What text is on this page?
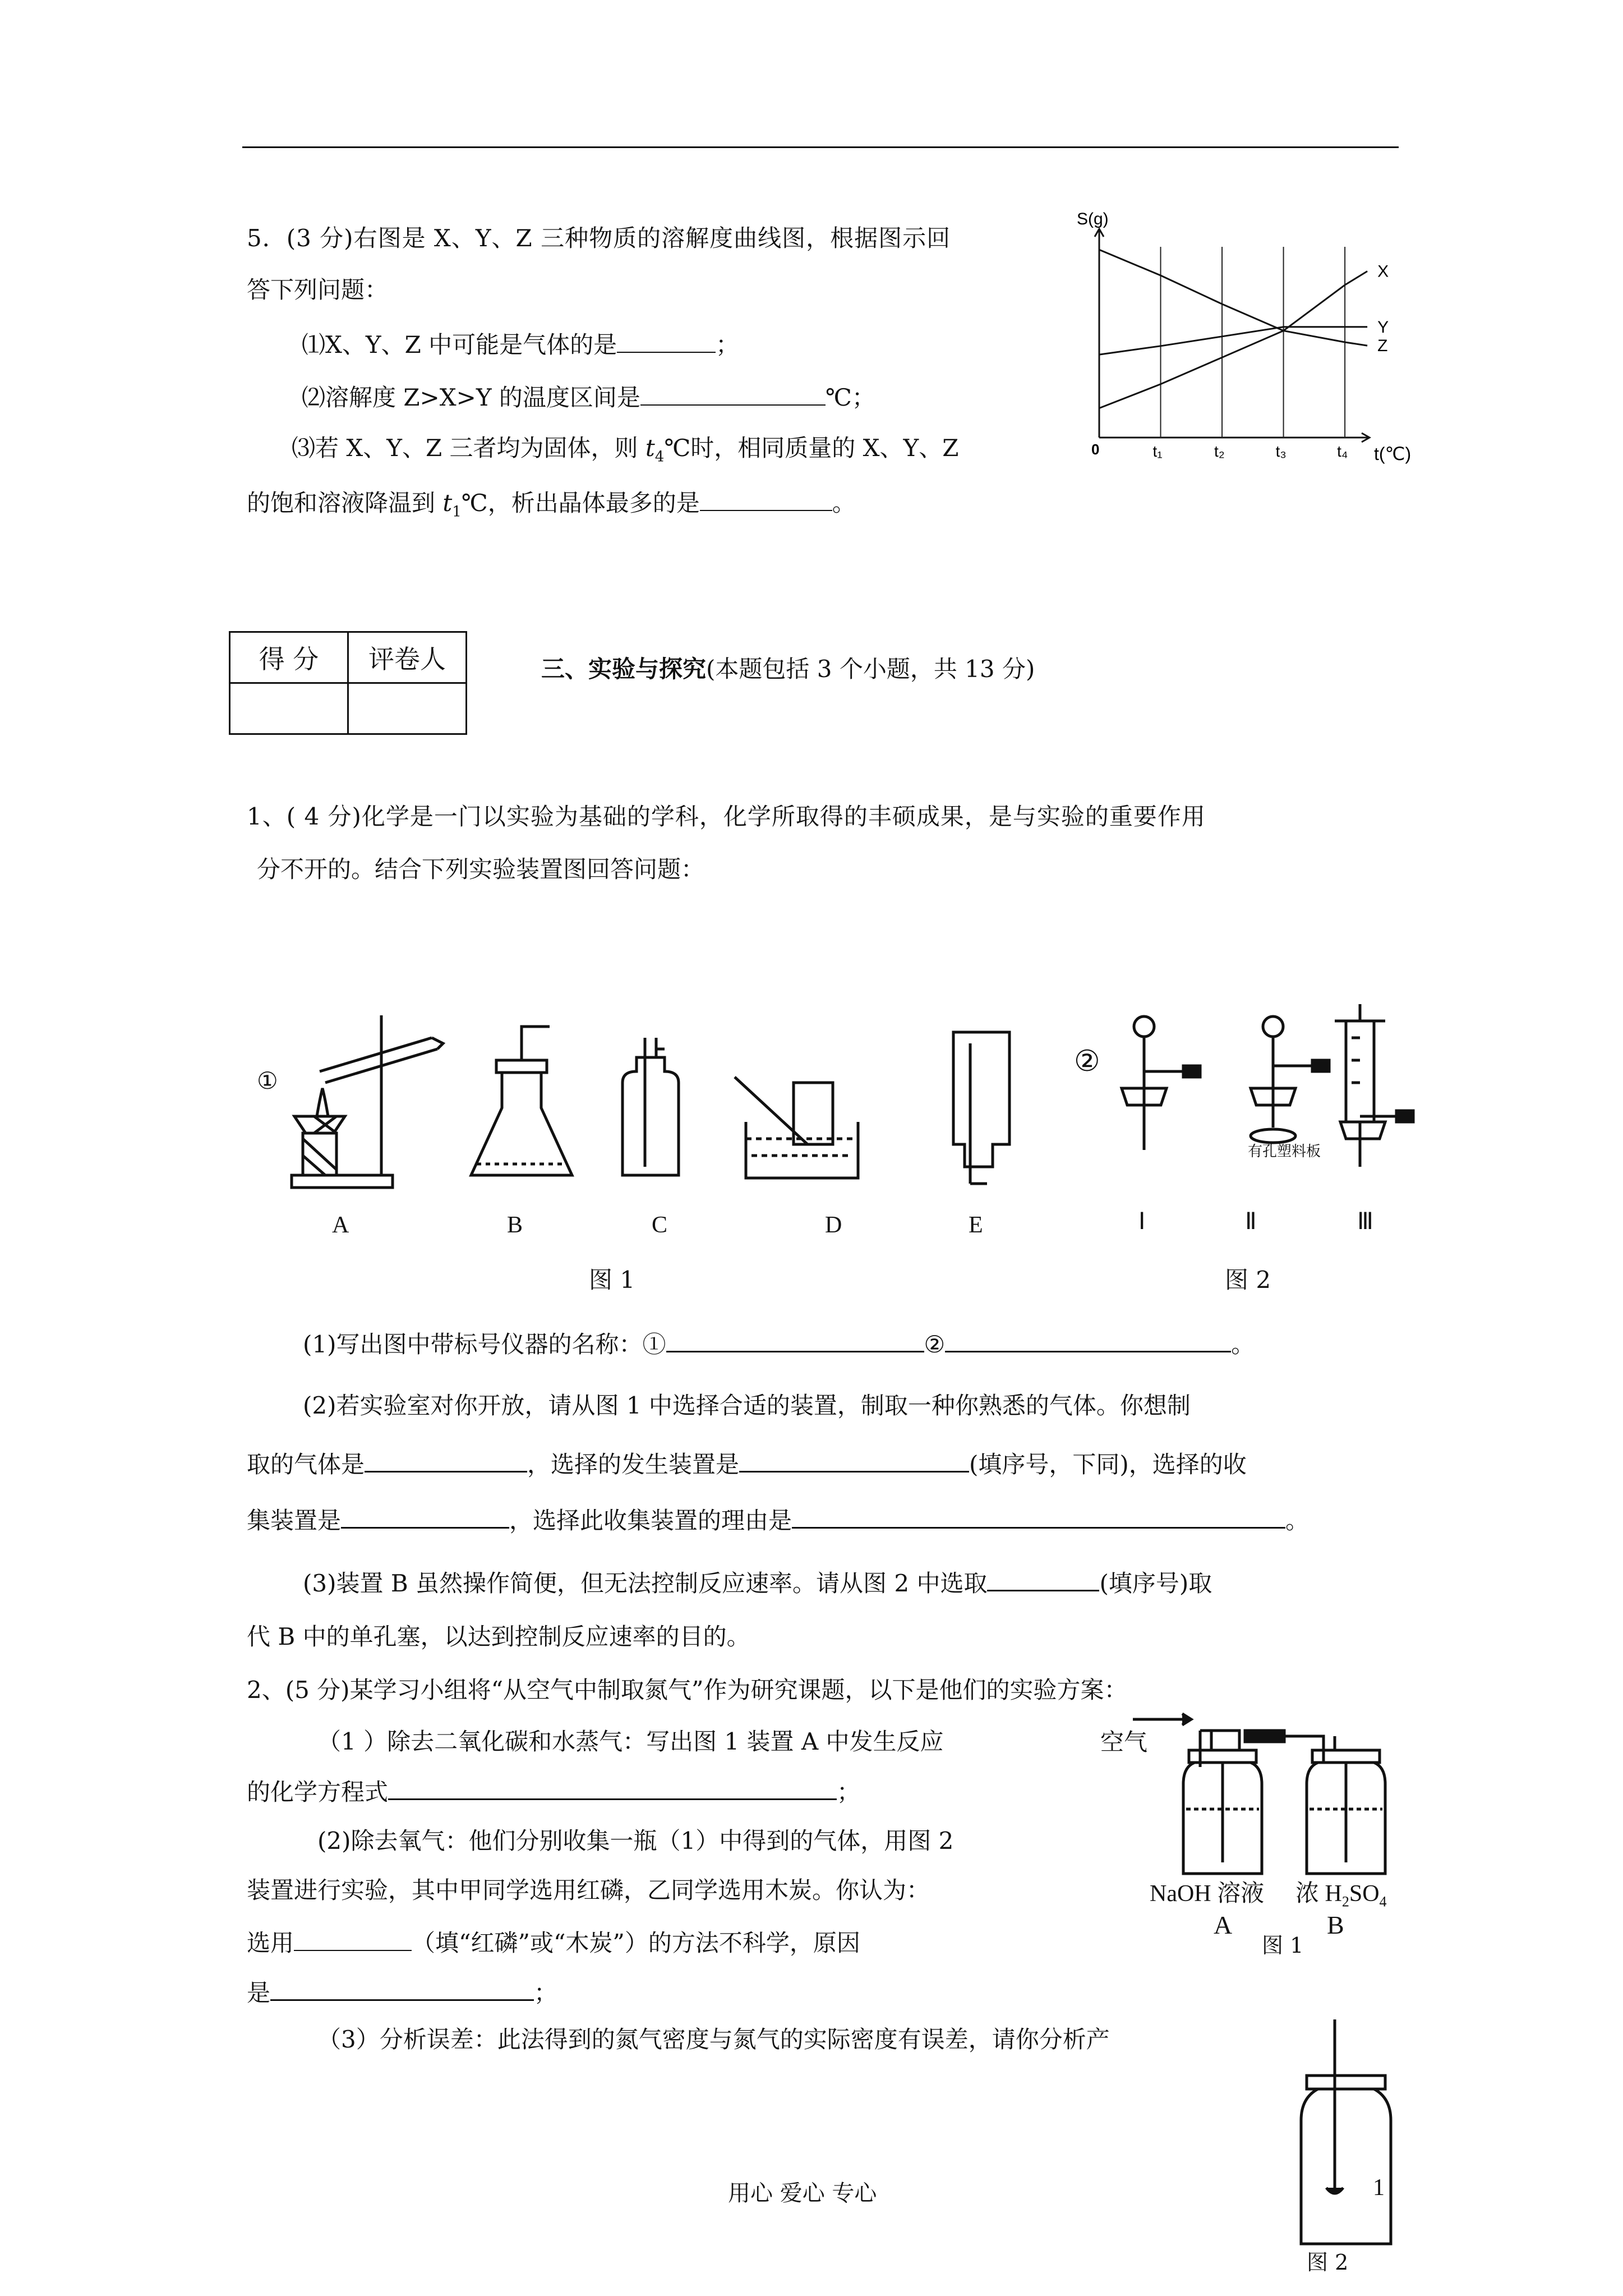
5．(3 分)右图是 X、Y、Z 三种物质的溶解度曲线图，根据图示回
答下列问题：
⑴X、Y、Z 中可能是气体的是	；
⑵溶解度 Z>X>Y 的温度区间是	℃；
⑶若 X、Y、Z 三者均为固体，则 $t_4℃$时，相同质量的 X、Y、Z
的饱和溶液降温到 $t_1℃$，析出晶体最多的是	。
S(g)
t(℃)
0	t₁	t₂	t₃	t₄
X
Y
Z
得 分	评卷人
		三、实验与探究(本题包括 3 个小题，共 13 分)
1、( 4 分)化学是一门以实验为基础的学科，化学所取得的丰硕成果，是与实验的重要作用
分不开的。结合下列实验装置图回答问题：
①
②
有孔塑料板
A	B	C	D	E	Ⅰ	Ⅱ	Ⅲ
图 1	图 2
(1)写出图中带标号仪器的名称：①	②	。
(2)若实验室对你开放，请从图 1 中选择合适的装置，制取一种你熟悉的气体。你想制
取的气体是	，选择的发生装置是	(填序号，下同)，选择的收
集装置是	，选择此收集装置的理由是	。
(3)装置 B 虽然操作简便，但无法控制反应速率。请从图 2 中选取	(填序号)取
代 B 中的单孔塞，以达到控制反应速率的目的。
2、(5 分)某学习小组将“从空气中制取氮气”作为研究课题，以下是他们的实验方案：
（1 ）除去二氧化碳和水蒸气：写出图 1 装置 A 中发生反应
的化学方程式	；
(2)除去氧气：他们分别收集一瓶（1）中得到的气体，用图 2
装置进行实验，其中甲同学选用红磷，乙同学选用木炭。你认为：
选用	（填“红磷”或“木炭”）的方法不科学，原因
是	；
（3）分析误差：此法得到的氮气密度与氮气的实际密度有误差，请你分析产
空气
NaOH 溶液 浓 $H_2SO_4$
A	B
图 1
1
图 2
用心 爱心 专心
